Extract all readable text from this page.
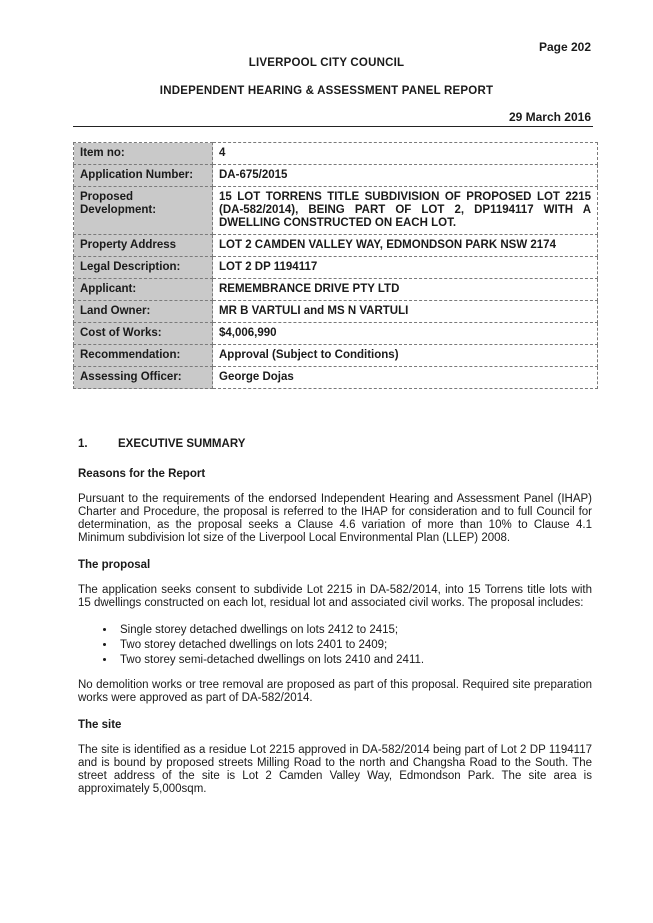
Page 202
LIVERPOOL CITY COUNCIL
INDEPENDENT HEARING & ASSESSMENT PANEL REPORT
29 March 2016
Item no:	4
Application Number:	DA-675/2015
Proposed Development:	15 LOT TORRENS TITLE SUBDIVISION OF PROPOSED LOT 2215 (DA-582/2014), BEING PART OF LOT 2, DP1194117 WITH A DWELLING CONSTRUCTED ON EACH LOT.
Property Address	LOT 2 CAMDEN VALLEY WAY, EDMONDSON PARK NSW 2174
Legal Description:	LOT 2 DP 1194117
Applicant:	REMEMBRANCE DRIVE PTY LTD
Land Owner:	MR B VARTULI and MS N VARTULI
Cost of Works:	$4,006,990
Recommendation:	Approval (Subject to Conditions)
Assessing Officer:	George Dojas
1.	EXECUTIVE SUMMARY
Reasons for the Report

Pursuant to the requirements of the endorsed Independent Hearing and Assessment Panel (IHAP) Charter and Procedure, the proposal is referred to the IHAP for consideration and to full Council for determination, as the proposal seeks a Clause 4.6 variation of more than 10% to Clause 4.1 Minimum subdivision lot size of the Liverpool Local Environmental Plan (LLEP) 2008.

The proposal

The application seeks consent to subdivide Lot 2215 in DA-582/2014, into 15 Torrens title lots with 15 dwellings constructed on each lot, residual lot and associated civil works. The proposal includes:

• Single storey detached dwellings on lots 2412 to 2415;
• Two storey detached dwellings on lots 2401 to 2409;
• Two storey semi-detached dwellings on lots 2410 and 2411.

No demolition works or tree removal are proposed as part of this proposal. Required site preparation works were approved as part of DA-582/2014.

The site

The site is identified as a residue Lot 2215 approved in DA-582/2014 being part of Lot 2 DP 1194117 and is bound by proposed streets Milling Road to the north and Changsha Road to the South. The street address of the site is Lot 2 Camden Valley Way, Edmondson Park. The site area is approximately 5,000sqm.
